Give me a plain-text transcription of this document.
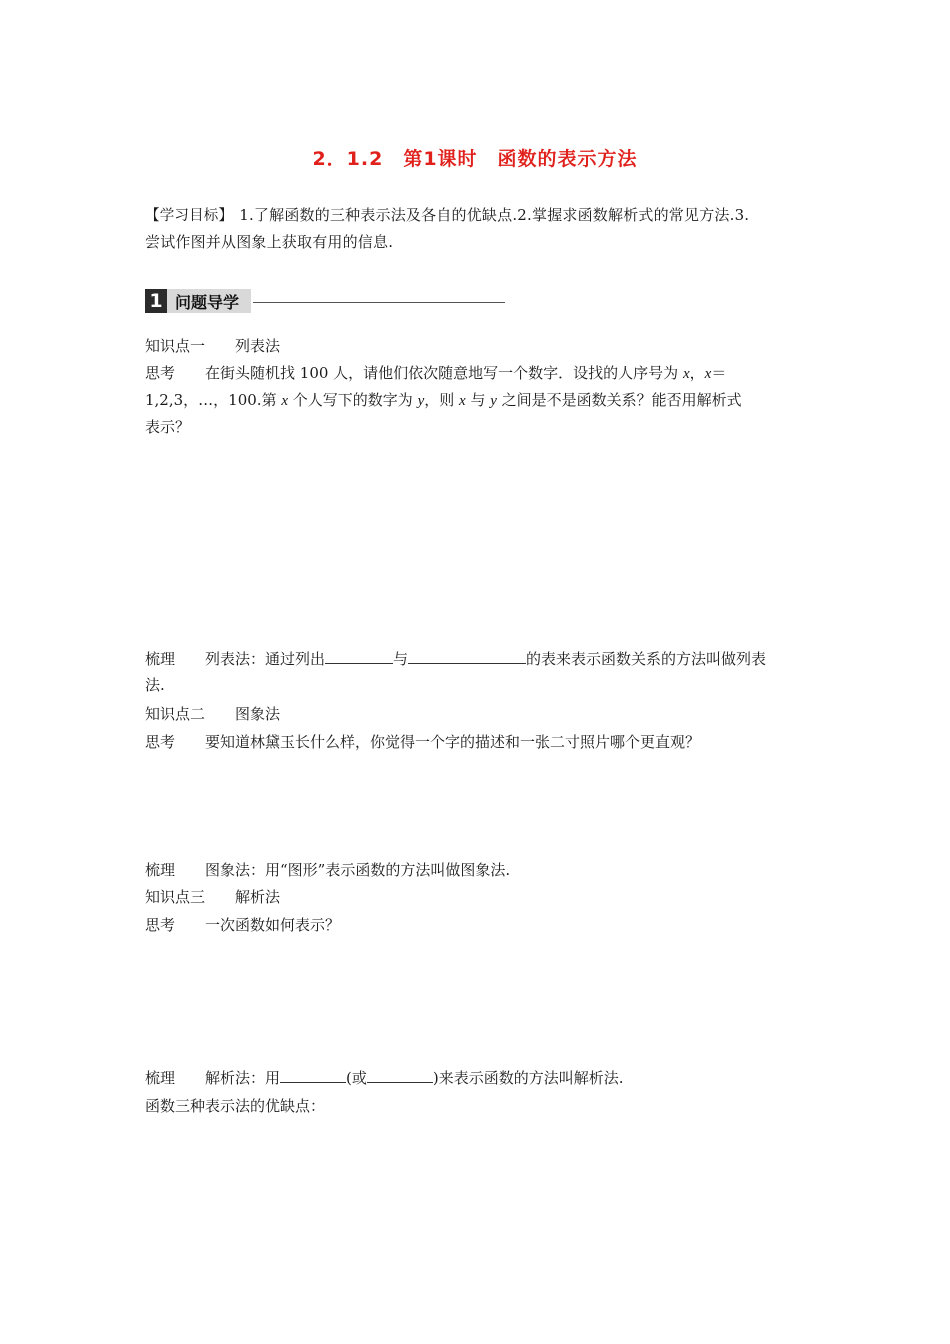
2．1.2　第1课时　函数的表示方法
【学习目标】 1.了解函数的三种表示法及各自的优缺点.2.掌握求函数解析式的常见方法.3.
尝试作图并从图象上获取有用的信息.
1 问题导学
知识点一 列表法
思考 在街头随机找 100 人，请他们依次随意地写一个数字．设找的人序号为 x，x＝
1,2,3，…，100.第 x 个人写下的数字为 y，则 x 与 y 之间是不是函数关系？能否用解析式
表示？
梳理 列表法：通过列出	与	的表来表示函数关系的方法叫做列表
法.
知识点二 图象法
思考 要知道林黛玉长什么样，你觉得一个字的描述和一张二寸照片哪个更直观？
梳理 图象法：用“图形”表示函数的方法叫做图象法.
知识点三 解析法
思考 一次函数如何表示？
梳理 解析法：用	(或	)来表示函数的方法叫解析法.
函数三种表示法的优缺点：
